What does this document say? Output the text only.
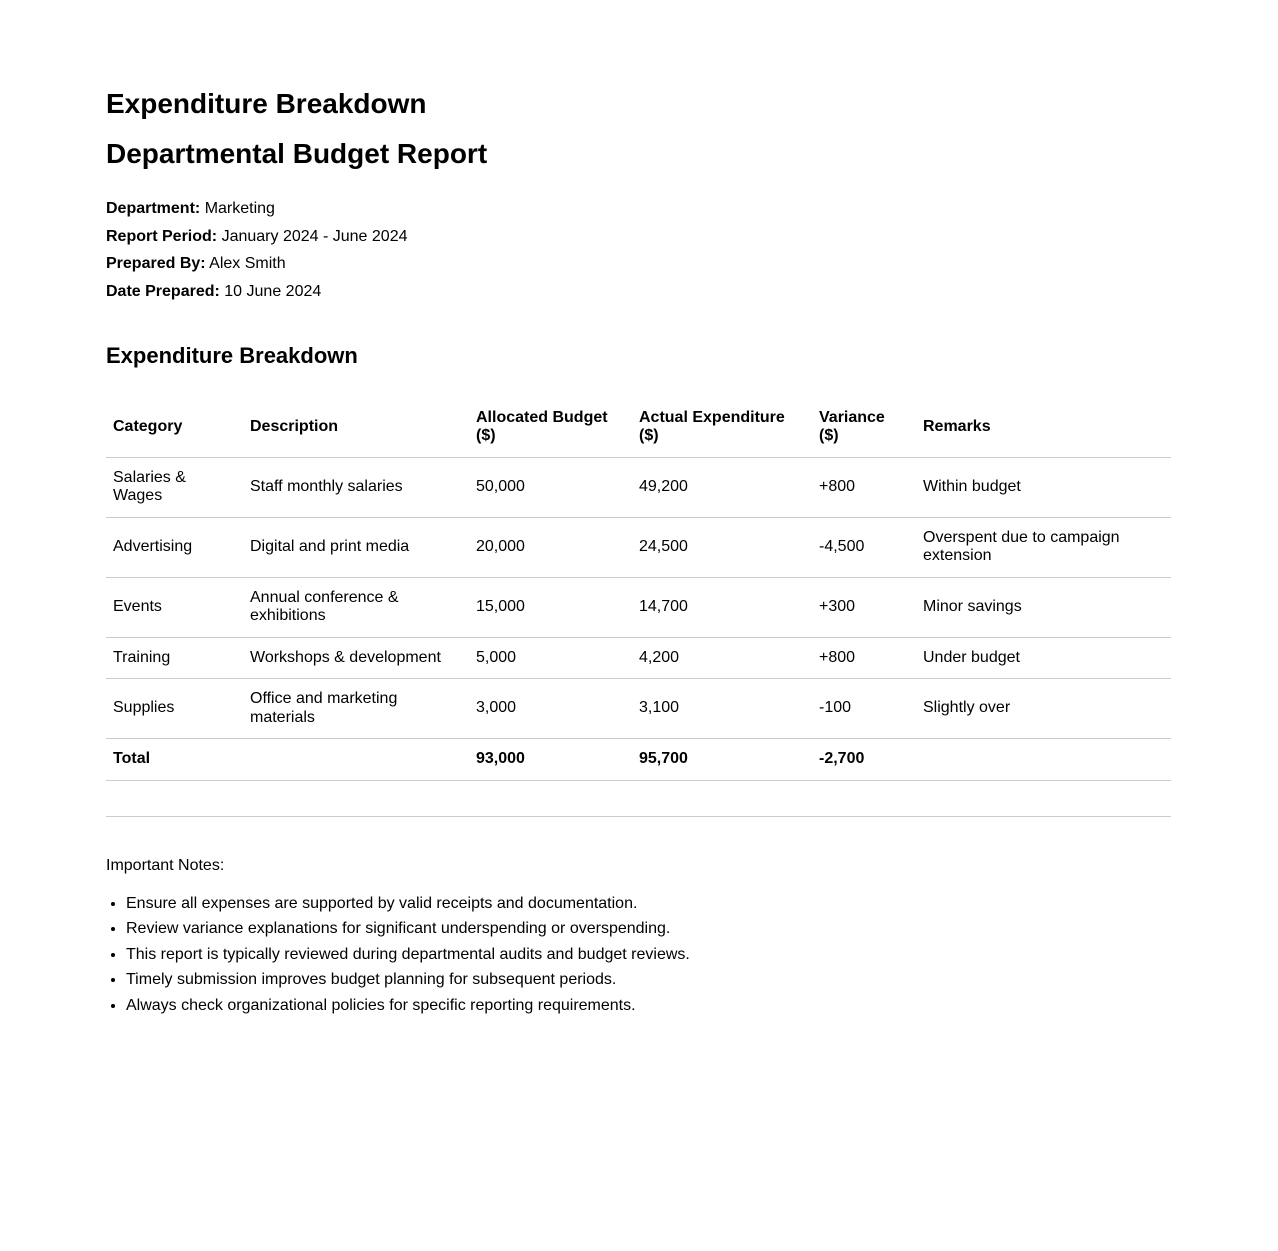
Expenditure Breakdown
Departmental Budget Report

Department: Marketing

Report Period: January 2024 - June 2024

Prepared By: Alex Smith

Date Prepared: 10 June 2024

Expenditure Breakdown
Category	Description	Allocated Budget ($)	Actual Expenditure ($)	Variance ($)	Remarks
Salaries & Wages	Staff monthly salaries	50,000	49,200	+800	Within budget
Advertising	Digital and print media	20,000	24,500	-4,500	Overspent due to campaign extension
Events	Annual conference & exhibitions	15,000	14,700	+300	Minor savings
Training	Workshops & development	5,000	4,200	+800	Under budget
Supplies	Office and marketing materials	3,000	3,100	-100	Slightly over
Total		93,000	95,700	-2,700	

Important Notes:

• Ensure all expenses are supported by valid receipts and documentation.
• Review variance explanations for significant underspending or overspending.
• This report is typically reviewed during departmental audits and budget reviews.
• Timely submission improves budget planning for subsequent periods.
• Always check organizational policies for specific reporting requirements.
